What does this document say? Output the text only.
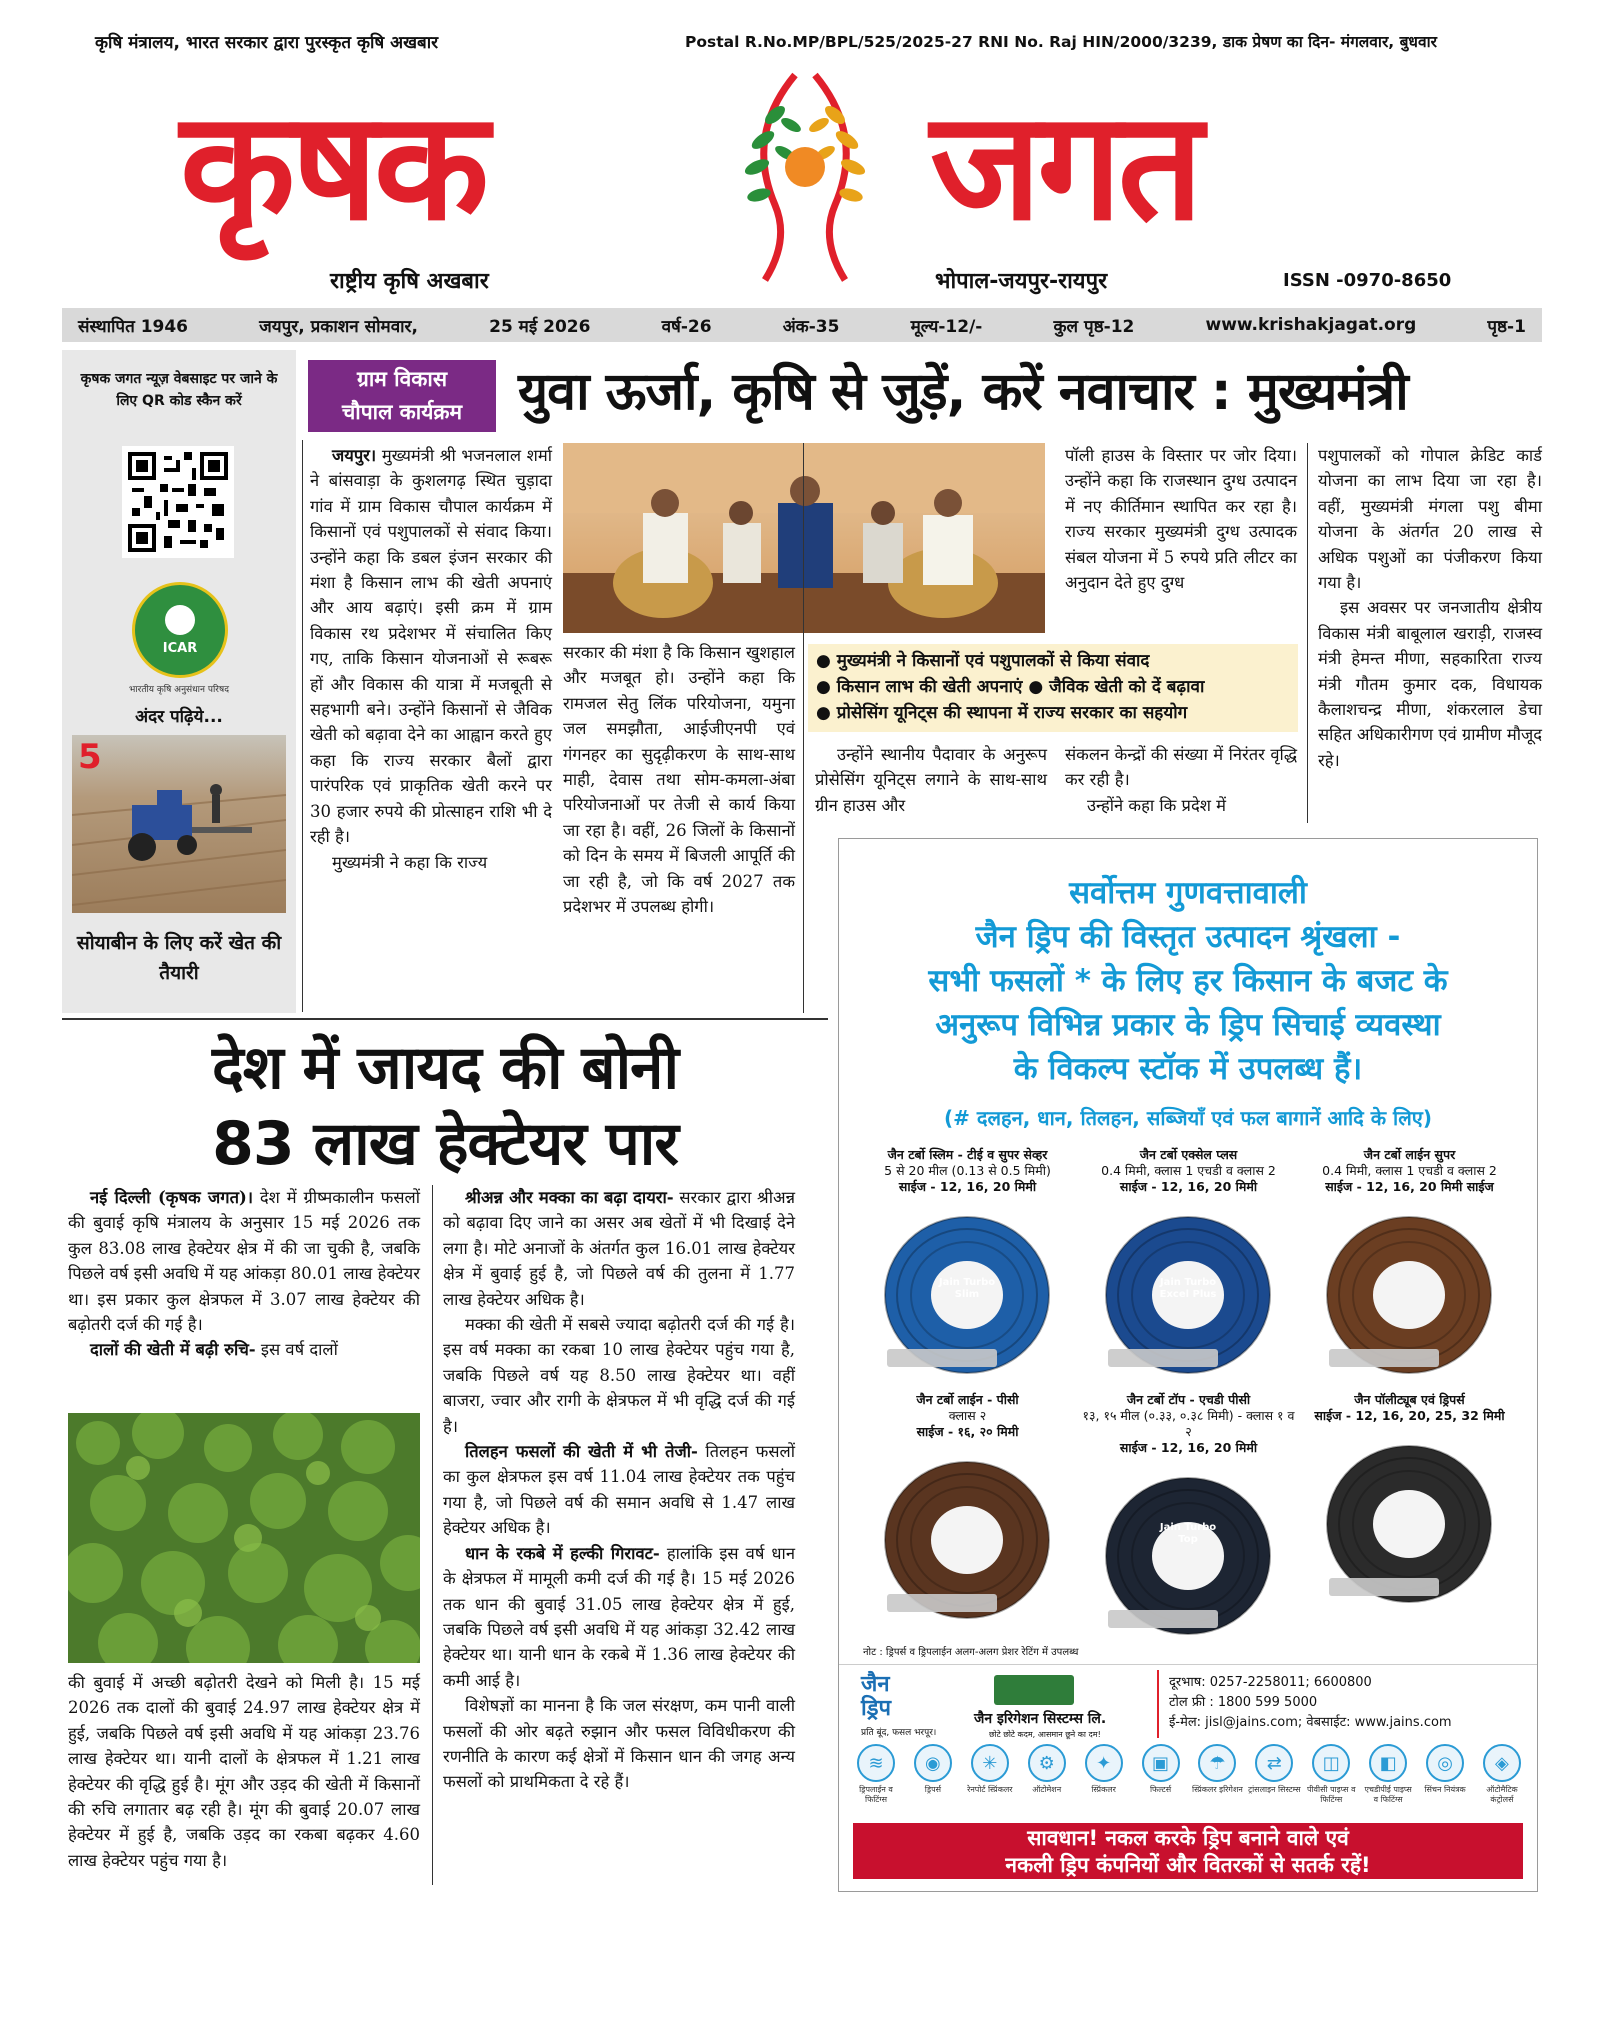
कृषि मंत्रालय, भारत सरकार द्वारा पुरस्कृत कृषि अखबार	Postal R.No.MP/BPL/525/2025-27 RNI No. Raj HIN/2000/3239, डाक प्रेषण का दिन- मंगलवार, बुधवार
कृषक	जगत
राष्ट्रीय कृषि अखबार	भोपाल-जयपुर-रायपुर	ISSN -0970-8650
संस्थापित 1946	जयपुर, प्रकाशन सोमवार,	25 मई 2026	वर्ष-26	अंक-35	मूल्य-12/-	कुल पृष्ठ-12	www.krishakjagat.org	पृष्ठ-1
कृषक जगत न्यूज़ वेबसाइट पर जाने के लिए QR कोड स्कैन करें
ICAR
भारतीय कृषि अनुसंधान परिषद
अंदर पढ़िये...
5
सोयाबीन के लिए करें खेत की तैयारी
ग्राम विकास
चौपाल कार्यक्रम	युवा ऊर्जा, कृषि से जुड़ें, करें नवाचार : मुख्यमंत्री

जयपुर। मुख्यमंत्री श्री भजनलाल शर्मा ने बांसवाड़ा के कुशलगढ़ स्थित चुड़ादा गांव में ग्राम विकास चौपाल कार्यक्रम में किसानों एवं पशुपालकों से संवाद किया। उन्होंने कहा कि डबल इंजन सरकार की मंशा है किसान लाभ की खेती अपनाएं और आय बढ़ाएं। इसी क्रम में ग्राम विकास रथ प्रदेशभर में संचालित किए गए, ताकि किसान योजनाओं से रूबरू हों और विकास की यात्रा में मजबूती से सहभागी बने। उन्होंने किसानों से जैविक खेती को बढ़ावा देने का आह्वान करते हुए कहा कि राज्य सरकार बैलों द्वारा पारंपरिक एवं प्राकृतिक खेती करने पर 30 हजार रुपये की प्रोत्साहन राशि भी दे रही है।

मुख्यमंत्री ने कहा कि राज्य

सरकार की मंशा है कि किसान खुशहाल और मजबूत हो। उन्होंने कहा कि रामजल सेतु लिंक परियोजना, यमुना जल समझौता, आईजीएनपी एवं गंगनहर का सुदृढ़ीकरण के साथ-साथ माही, देवास तथा सोम-कमला-अंबा परियोजनाओं पर तेजी से कार्य किया जा रहा है। वहीं, 26 जिलों के किसानों को दिन के समय में बिजली आपूर्ति की जा रही है, जो कि वर्ष 2027 तक प्रदेशभर में उपलब्ध होगी।

पॉली हाउस के विस्तार पर जोर दिया। उन्होंने कहा कि राजस्थान दुग्ध उत्पादन में नए कीर्तिमान स्थापित कर रहा है। राज्य सरकार मुख्यमंत्री दुग्ध उत्पादक संबल योजना में 5 रुपये प्रति लीटर का अनुदान देते हुए दुग्ध

पशुपालकों को गोपाल क्रेडिट कार्ड योजना का लाभ दिया जा रहा है। वहीं, मुख्यमंत्री मंगला पशु बीमा योजना के अंतर्गत 20 लाख से अधिक पशुओं का पंजीकरण किया गया है।

इस अवसर पर जनजातीय क्षेत्रीय विकास मंत्री बाबूलाल खराड़ी, राजस्व मंत्री हेमन्त मीणा, सहकारिता राज्य मंत्री गौतम कुमार दक, विधायक कैलाशचन्द्र मीणा, शंकरलाल डेचा सहित अधिकारीगण एवं ग्रामीण मौजूद रहे।

● मुख्यमंत्री ने किसानों एवं पशुपालकों से किया संवाद
● किसान लाभ की खेती अपनाएं ● जैविक खेती को दें बढ़ावा
● प्रोसेसिंग यूनिट्स की स्थापना में राज्य सरकार का सहयोग

उन्होंने स्थानीय पैदावार के अनुरूप प्रोसेसिंग यूनिट्स लगाने के साथ-साथ ग्रीन हाउस और

संकलन केन्द्रों की संख्या में निरंतर वृद्धि कर रही है।

उन्होंने कहा कि प्रदेश में

देश में जायद की बोनी
83 लाख हेक्टेयर पार

नई दिल्ली (कृषक जगत)। देश में ग्रीष्मकालीन फसलों की बुवाई कृषि मंत्रालय के अनुसार 15 मई 2026 तक कुल 83.08 लाख हेक्टेयर क्षेत्र में की जा चुकी है, जबकि पिछले वर्ष इसी अवधि में यह आंकड़ा 80.01 लाख हेक्टेयर था। इस प्रकार कुल क्षेत्रफल में 3.07 लाख हेक्टेयर की बढ़ोतरी दर्ज की गई है।

दालों की खेती में बढ़ी रुचि- इस वर्ष दालों

की बुवाई में अच्छी बढ़ोतरी देखने को मिली है। 15 मई 2026 तक दालों की बुवाई 24.97 लाख हेक्टेयर क्षेत्र में हुई, जबकि पिछले वर्ष इसी अवधि में यह आंकड़ा 23.76 लाख हेक्टेयर था। यानी दालों के क्षेत्रफल में 1.21 लाख हेक्टेयर की वृद्धि हुई है। मूंग और उड़द की खेती में किसानों की रुचि लगातार बढ़ रही है। मूंग की बुवाई 20.07 लाख हेक्टेयर में हुई है, जबकि उड़द का रकबा बढ़कर 4.60 लाख हेक्टेयर पहुंच गया है।

श्रीअन्न और मक्का का बढ़ा दायरा- सरकार द्वारा श्रीअन्न को बढ़ावा दिए जाने का असर अब खेतों में भी दिखाई देने लगा है। मोटे अनाजों के अंतर्गत कुल 16.01 लाख हेक्टेयर क्षेत्र में बुवाई हुई है, जो पिछले वर्ष की तुलना में 1.77 लाख हेक्टेयर अधिक है।

मक्का की खेती में सबसे ज्यादा बढ़ोतरी दर्ज की गई है। इस वर्ष मक्का का रकबा 10 लाख हेक्टेयर पहुंच गया है, जबकि पिछले वर्ष यह 8.50 लाख हेक्टेयर था। वहीं बाजरा, ज्वार और रागी के क्षेत्रफल में भी वृद्धि दर्ज की गई है।

तिलहन फसलों की खेती में भी तेजी- तिलहन फसलों का कुल क्षेत्रफल इस वर्ष 11.04 लाख हेक्टेयर तक पहुंच गया है, जो पिछले वर्ष की समान अवधि से 1.47 लाख हेक्टेयर अधिक है।

धान के रकबे में हल्की गिरावट- हालांकि इस वर्ष धान के क्षेत्रफल में मामूली कमी दर्ज की गई है। 15 मई 2026 तक धान की बुवाई 31.05 लाख हेक्टेयर क्षेत्र में हुई, जबकि पिछले वर्ष इसी अवधि में यह आंकड़ा 32.42 लाख हेक्टेयर था। यानी धान के रकबे में 1.36 लाख हेक्टेयर की कमी आई है।

विशेषज्ञों का मानना है कि जल संरक्षण, कम पानी वाली फसलों की ओर बढ़ते रुझान और फसल विविधीकरण की रणनीति के कारण कई क्षेत्रों में किसान धान की जगह अन्य फसलों को प्राथमिकता दे रहे हैं।

सर्वोत्तम गुणवत्तावाली
जैन ड्रिप की विस्तृत उत्पादन श्रृंखला -
सभी फसलों * के लिए हर किसान के बजट के
अनुरूप विभिन्न प्रकार के ड्रिप सिचाई व्यवस्था
के विकल्प स्टॉक में उपलब्ध हैं।
(# दलहन, धान, तिलहन, सब्जियाँ एवं फल बागानें आदि के लिए)
जैन टर्बो स्लिम - टीई व सुपर सेव्हर
5 से 20 मील (0.13 से 0.5 मिमी)
साईज - 12, 16, 20 मिमी
Jain Turbo Slim
जैन टर्बो एक्सेल प्लस
0.4 मिमी, क्लास 1 एचडी व क्लास 2
साईज - 12, 16, 20 मिमी
Jain Turbo Excel Plus
जैन टर्बो लाईन सुपर
0.4 मिमी, क्लास 1 एचडी व क्लास 2
साईज - 12, 16, 20 मिमी साईज
जैन टर्बो लाईन - पीसी
क्लास २
साईज - १६, २० मिमी
जैन टर्बो टॉप - एचडी पीसी
१३, १५ मील (०.३३, ०.३८ मिमी) - क्लास १ व २
साईज - 12, 16, 20 मिमी
Jain Turbo Top
जैन पॉलीट्यूब एवं ड्रिपर्स
साईज - 12, 16, 20, 25, 32 मिमी
नोट : ड्रिपर्स व ड्रिपलाईन अलग-अलग प्रेशर रेटिंग में उपलब्ध
जैन
ड्रिप
प्रति बूंद, फसल भरपूर।
जैन इरिगेशन सिस्टम्स लि.
छोटे छोटे कदम, आसमान छूने का दम!
दूरभाष: 0257-2258011; 6600800
टोल फ्री : 1800 599 5000
ई-मेल: jisl@jains.com; वेबसाईट: www.jains.com
≋
ड्रिपलाईन व फिटिंग्स
◉
ड्रिपर्स
✳
रेनपोर्ट स्प्रिंकलर
⚙
ऑटोमेशन
✦
स्प्रिंकलर
▣
फिल्टर्स
☂
स्प्रिंकलर इरिगेशन
⇄
ट्रांसलाइन सिस्टम्स
◫
पीवीसी पाइप्स व फिटिंग्स
◧
एचडीपीई पाइप्स व फिटिंग्स
◎
सिंचन नियंत्रक
◈
ऑटोमैटिक कंट्रोलर्स
सावधान! नकल करके ड्रिप बनाने वाले एवं
नकली ड्रिप कंपनियों और वितरकों से सतर्क रहें!
